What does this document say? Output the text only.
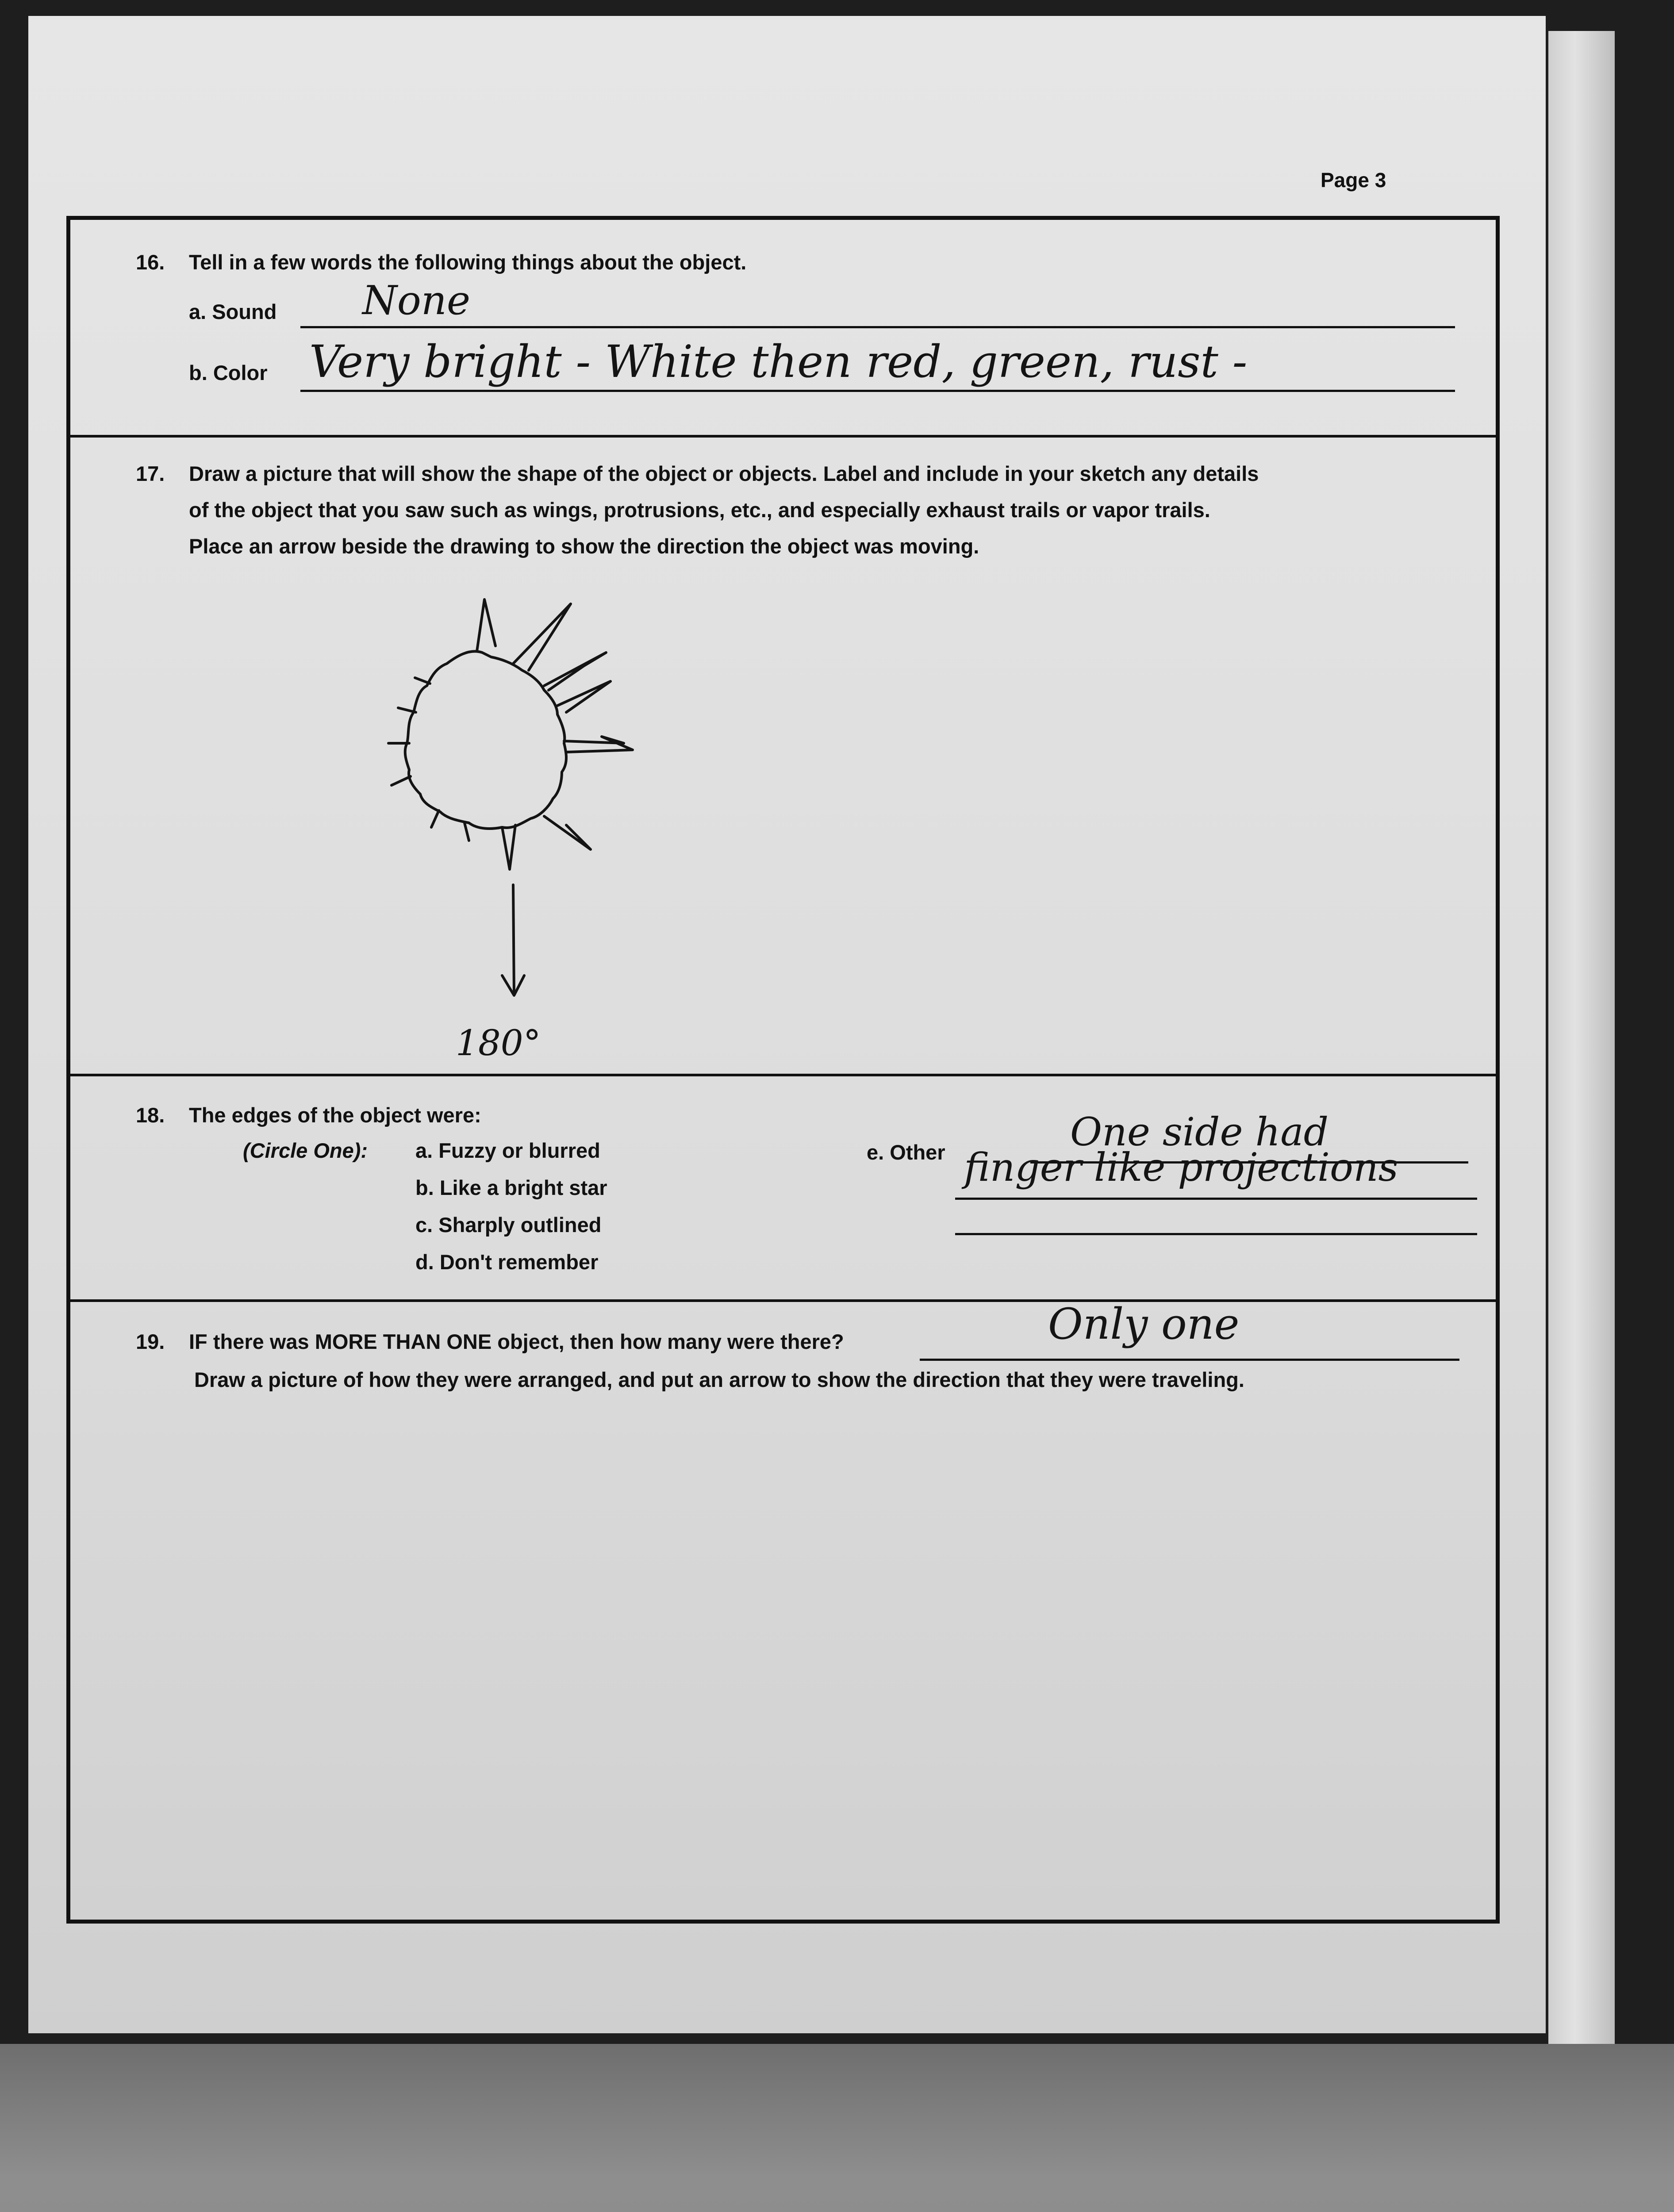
Page 3
16. Tell in a few words the following things about the object.
a. Sound None
b. Color Very bright - White then red, green, rust -
17. Draw a picture that will show the shape of the object or objects. Label and include in your sketch any details
of the object that you saw such as wings, protrusions, etc., and especially exhaust trails or vapor trails.
Place an arrow beside the drawing to show the direction the object was moving.
18. The edges of the object were:
(Circle One): a. Fuzzy or blurred
b. Like a bright star
c. Sharply outlined
d. Don't remember
e. Other	One side had
finger like projections
19. IF there was MORE THAN ONE object, then how many were there?	Only one
Draw a picture of how they were arranged, and put an arrow to show the direction that they were traveling.
180°
